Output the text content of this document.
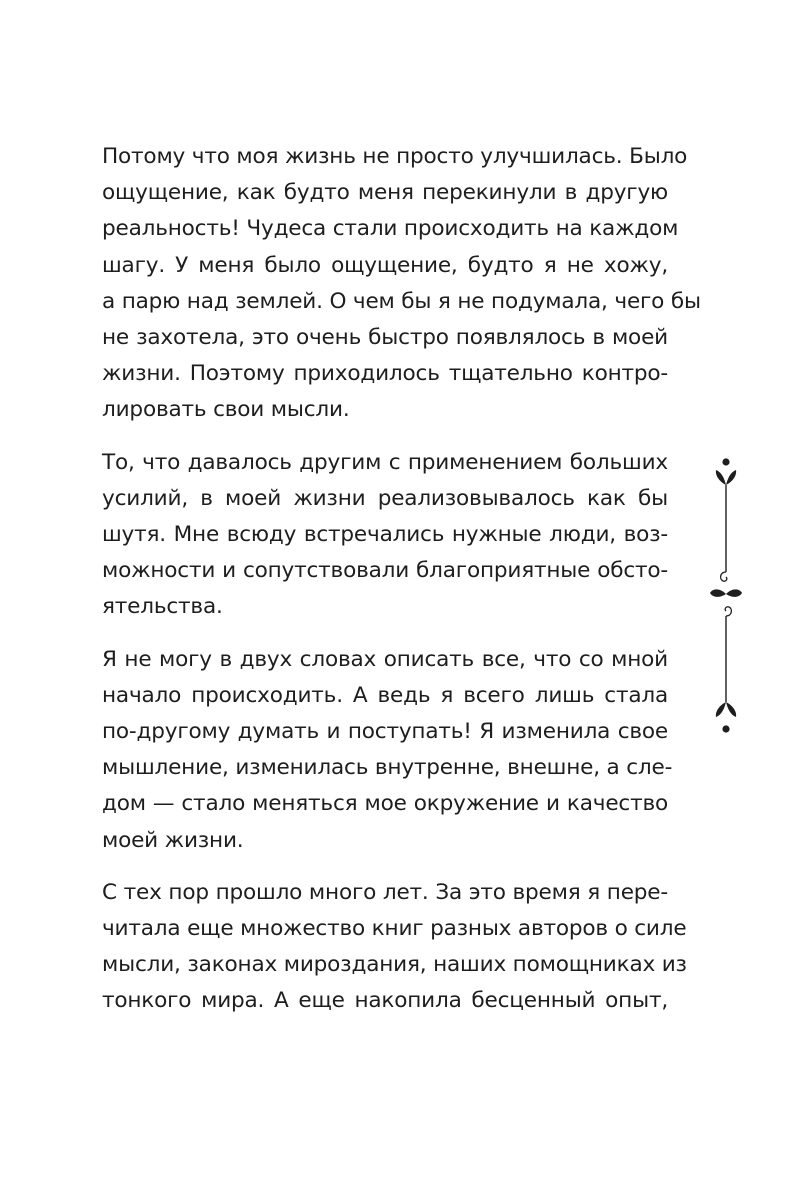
Потому что моя жизнь не просто улучшилась. Было
ощущение, как будто меня перекинули в другую
реальность! Чудеса стали происходить на каждом
шагу. У меня было ощущение, будто я не хожу,
а парю над землей. О чем бы я не подумала, чего бы
не захотела, это очень быстро появлялось в моей
жизни. Поэтому приходилось тщательно контро-
лировать свои мысли.

То, что давалось другим с применением больших
усилий, в моей жизни реализовывалось как бы
шутя. Мне всюду встречались нужные люди, воз-
можности и сопутствовали благоприятные обсто-
ятельства.

Я не могу в двух словах описать все, что со мной
начало происходить. А ведь я всего лишь стала
по-другому думать и поступать! Я изменила свое
мышление, изменилась внутренне, внешне, а сле-
дом — стало меняться мое окружение и качество
моей жизни.

С тех пор прошло много лет. За это время я пере-
читала еще множество книг разных авторов о силе
мысли, законах мироздания, наших помощниках из
тонкого мира. А еще накопила бесценный опыт,
